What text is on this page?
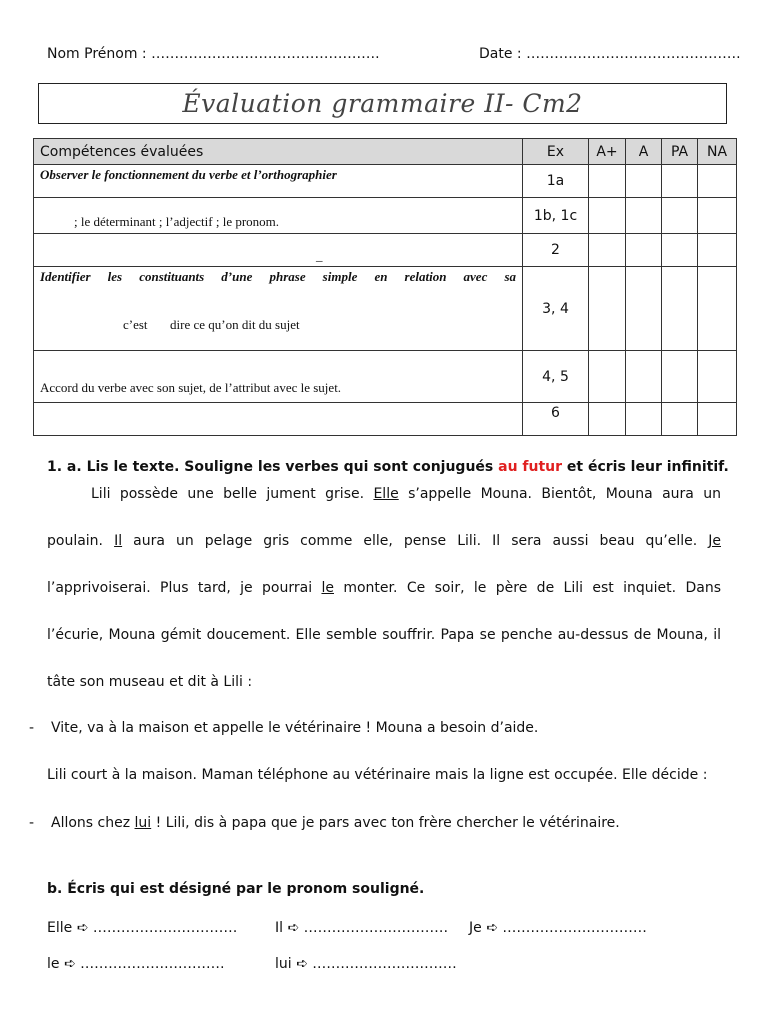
Nom Prénom : ………………………………………….	Date : ……………………………………….
Évaluation grammaire II- Cm2
Compétences évaluées	Ex	A+	A	PA	NA

Observer le fonctionnement du verbe et l’orthographier	1a				

; le déterminant ; l’adjectif ; le pronom.	1b, 1c				

_	2				

Identifier les constituants d’une phrase simple en relation avec sa
c’est dire ce qu’on dit du sujet	3, 4				

Accord du verbe avec son sujet, de l’attribut avec le sujet.	4, 5				
	6				
1. a. Lis le texte. Souligne les verbes qui sont conjugués au futur et écris leur infinitif.
Lili possède une belle jument grise. Elle s’appelle Mouna. Bientôt, Mouna aura un
poulain. Il aura un pelage gris comme elle, pense Lili. Il sera aussi beau qu’elle. Je
l’apprivoiserai. Plus tard, je pourrai le monter. Ce soir, le père de Lili est inquiet. Dans
l’écurie, Mouna gémit doucement. Elle semble souffrir. Papa se penche au-dessus de Mouna, il
tâte son museau et dit à Lili :
- Vite, va à la maison et appelle le vétérinaire ! Mouna a besoin d’aide.
Lili court à la maison. Maman téléphone au vétérinaire mais la ligne est occupée. Elle décide :
- Allons chez lui ! Lili, dis à papa que je pars avec ton frère chercher le vétérinaire.
b. Écris qui est désigné par le pronom souligné.
Elle ➪ ……………….…………	Il ➪ ……………….………… Je ➪ ……………….…………
le ➪ ……………….…………	lui ➪ ……………….…………
